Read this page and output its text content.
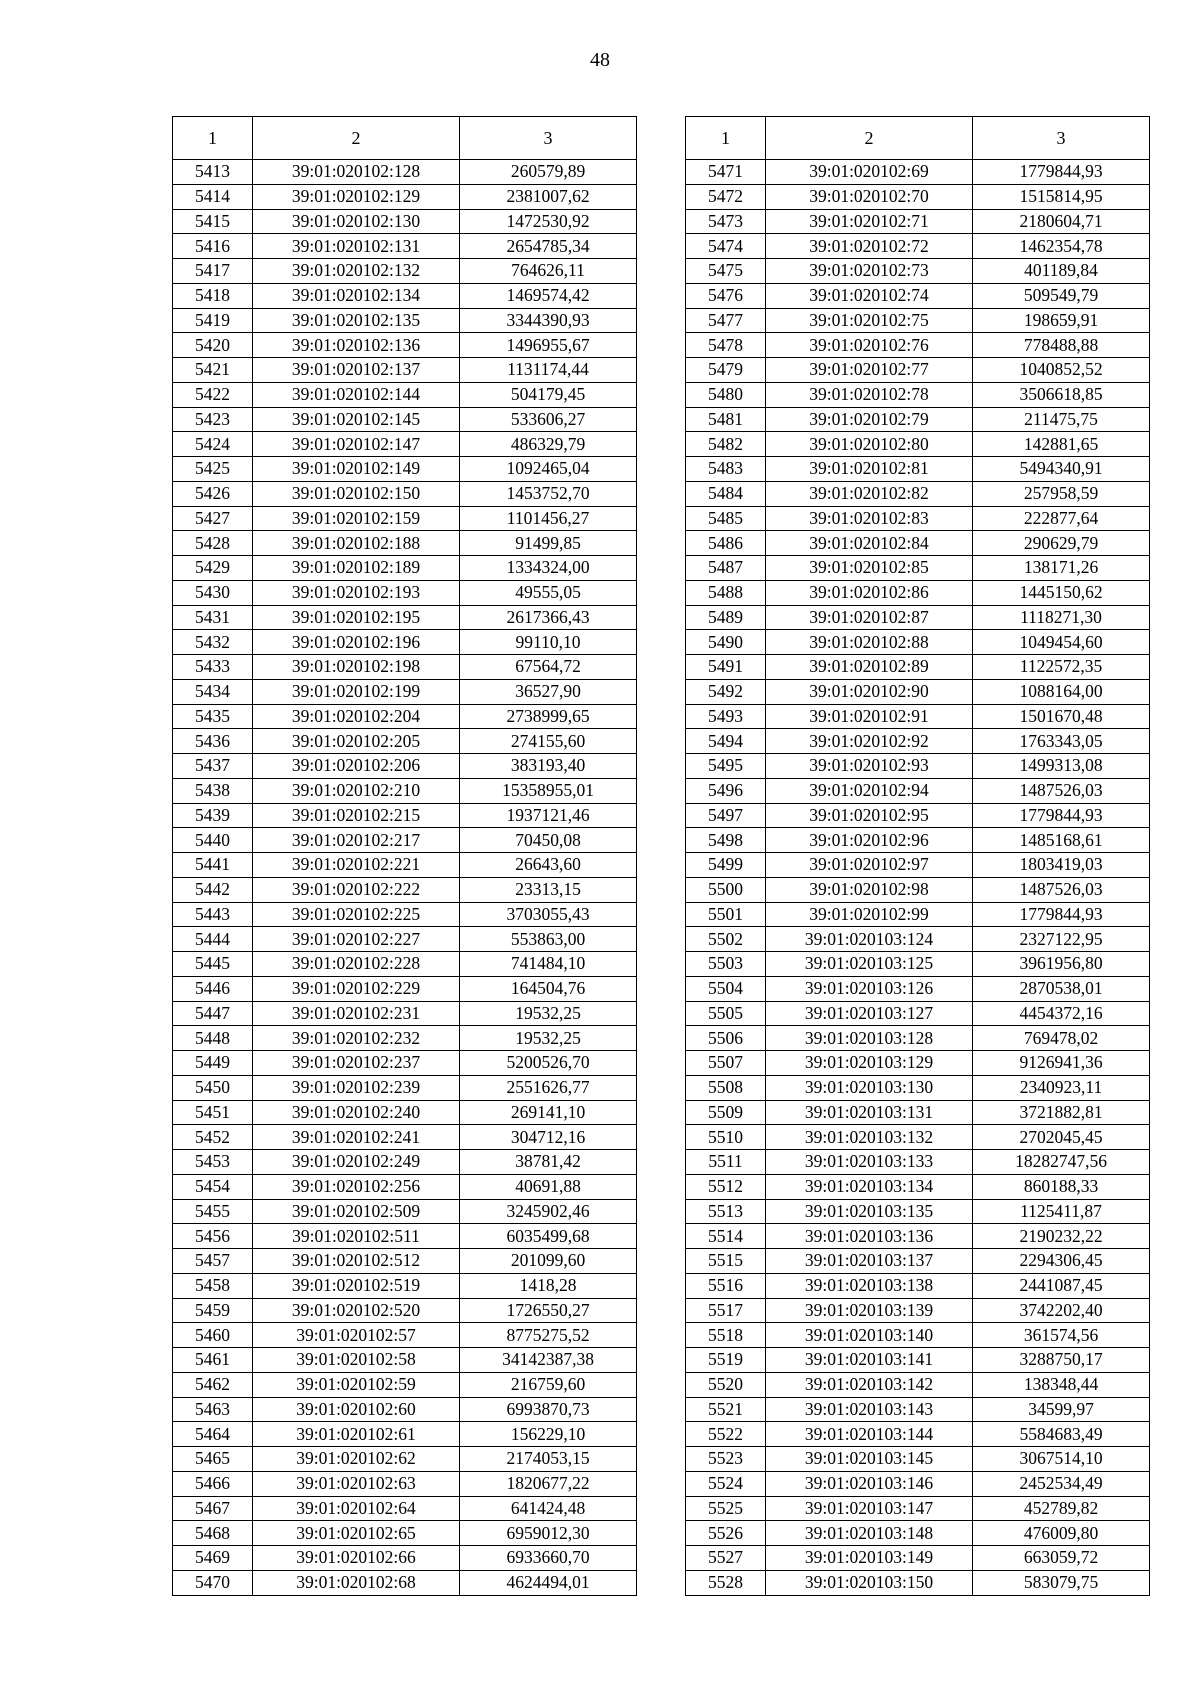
48
1	2	3
5413	39:01:020102:128	260579,89
5414	39:01:020102:129	2381007,62
5415	39:01:020102:130	1472530,92
5416	39:01:020102:131	2654785,34
5417	39:01:020102:132	764626,11
5418	39:01:020102:134	1469574,42
5419	39:01:020102:135	3344390,93
5420	39:01:020102:136	1496955,67
5421	39:01:020102:137	1131174,44
5422	39:01:020102:144	504179,45
5423	39:01:020102:145	533606,27
5424	39:01:020102:147	486329,79
5425	39:01:020102:149	1092465,04
5426	39:01:020102:150	1453752,70
5427	39:01:020102:159	1101456,27
5428	39:01:020102:188	91499,85
5429	39:01:020102:189	1334324,00
5430	39:01:020102:193	49555,05
5431	39:01:020102:195	2617366,43
5432	39:01:020102:196	99110,10
5433	39:01:020102:198	67564,72
5434	39:01:020102:199	36527,90
5435	39:01:020102:204	2738999,65
5436	39:01:020102:205	274155,60
5437	39:01:020102:206	383193,40
5438	39:01:020102:210	15358955,01
5439	39:01:020102:215	1937121,46
5440	39:01:020102:217	70450,08
5441	39:01:020102:221	26643,60
5442	39:01:020102:222	23313,15
5443	39:01:020102:225	3703055,43
5444	39:01:020102:227	553863,00
5445	39:01:020102:228	741484,10
5446	39:01:020102:229	164504,76
5447	39:01:020102:231	19532,25
5448	39:01:020102:232	19532,25
5449	39:01:020102:237	5200526,70
5450	39:01:020102:239	2551626,77
5451	39:01:020102:240	269141,10
5452	39:01:020102:241	304712,16
5453	39:01:020102:249	38781,42
5454	39:01:020102:256	40691,88
5455	39:01:020102:509	3245902,46
5456	39:01:020102:511	6035499,68
5457	39:01:020102:512	201099,60
5458	39:01:020102:519	1418,28
5459	39:01:020102:520	1726550,27
5460	39:01:020102:57	8775275,52
5461	39:01:020102:58	34142387,38
5462	39:01:020102:59	216759,60
5463	39:01:020102:60	6993870,73
5464	39:01:020102:61	156229,10
5465	39:01:020102:62	2174053,15
5466	39:01:020102:63	1820677,22
5467	39:01:020102:64	641424,48
5468	39:01:020102:65	6959012,30
5469	39:01:020102:66	6933660,70
5470	39:01:020102:68	4624494,01
1	2	3
5471	39:01:020102:69	1779844,93
5472	39:01:020102:70	1515814,95
5473	39:01:020102:71	2180604,71
5474	39:01:020102:72	1462354,78
5475	39:01:020102:73	401189,84
5476	39:01:020102:74	509549,79
5477	39:01:020102:75	198659,91
5478	39:01:020102:76	778488,88
5479	39:01:020102:77	1040852,52
5480	39:01:020102:78	3506618,85
5481	39:01:020102:79	211475,75
5482	39:01:020102:80	142881,65
5483	39:01:020102:81	5494340,91
5484	39:01:020102:82	257958,59
5485	39:01:020102:83	222877,64
5486	39:01:020102:84	290629,79
5487	39:01:020102:85	138171,26
5488	39:01:020102:86	1445150,62
5489	39:01:020102:87	1118271,30
5490	39:01:020102:88	1049454,60
5491	39:01:020102:89	1122572,35
5492	39:01:020102:90	1088164,00
5493	39:01:020102:91	1501670,48
5494	39:01:020102:92	1763343,05
5495	39:01:020102:93	1499313,08
5496	39:01:020102:94	1487526,03
5497	39:01:020102:95	1779844,93
5498	39:01:020102:96	1485168,61
5499	39:01:020102:97	1803419,03
5500	39:01:020102:98	1487526,03
5501	39:01:020102:99	1779844,93
5502	39:01:020103:124	2327122,95
5503	39:01:020103:125	3961956,80
5504	39:01:020103:126	2870538,01
5505	39:01:020103:127	4454372,16
5506	39:01:020103:128	769478,02
5507	39:01:020103:129	9126941,36
5508	39:01:020103:130	2340923,11
5509	39:01:020103:131	3721882,81
5510	39:01:020103:132	2702045,45
5511	39:01:020103:133	18282747,56
5512	39:01:020103:134	860188,33
5513	39:01:020103:135	1125411,87
5514	39:01:020103:136	2190232,22
5515	39:01:020103:137	2294306,45
5516	39:01:020103:138	2441087,45
5517	39:01:020103:139	3742202,40
5518	39:01:020103:140	361574,56
5519	39:01:020103:141	3288750,17
5520	39:01:020103:142	138348,44
5521	39:01:020103:143	34599,97
5522	39:01:020103:144	5584683,49
5523	39:01:020103:145	3067514,10
5524	39:01:020103:146	2452534,49
5525	39:01:020103:147	452789,82
5526	39:01:020103:148	476009,80
5527	39:01:020103:149	663059,72
5528	39:01:020103:150	583079,75
